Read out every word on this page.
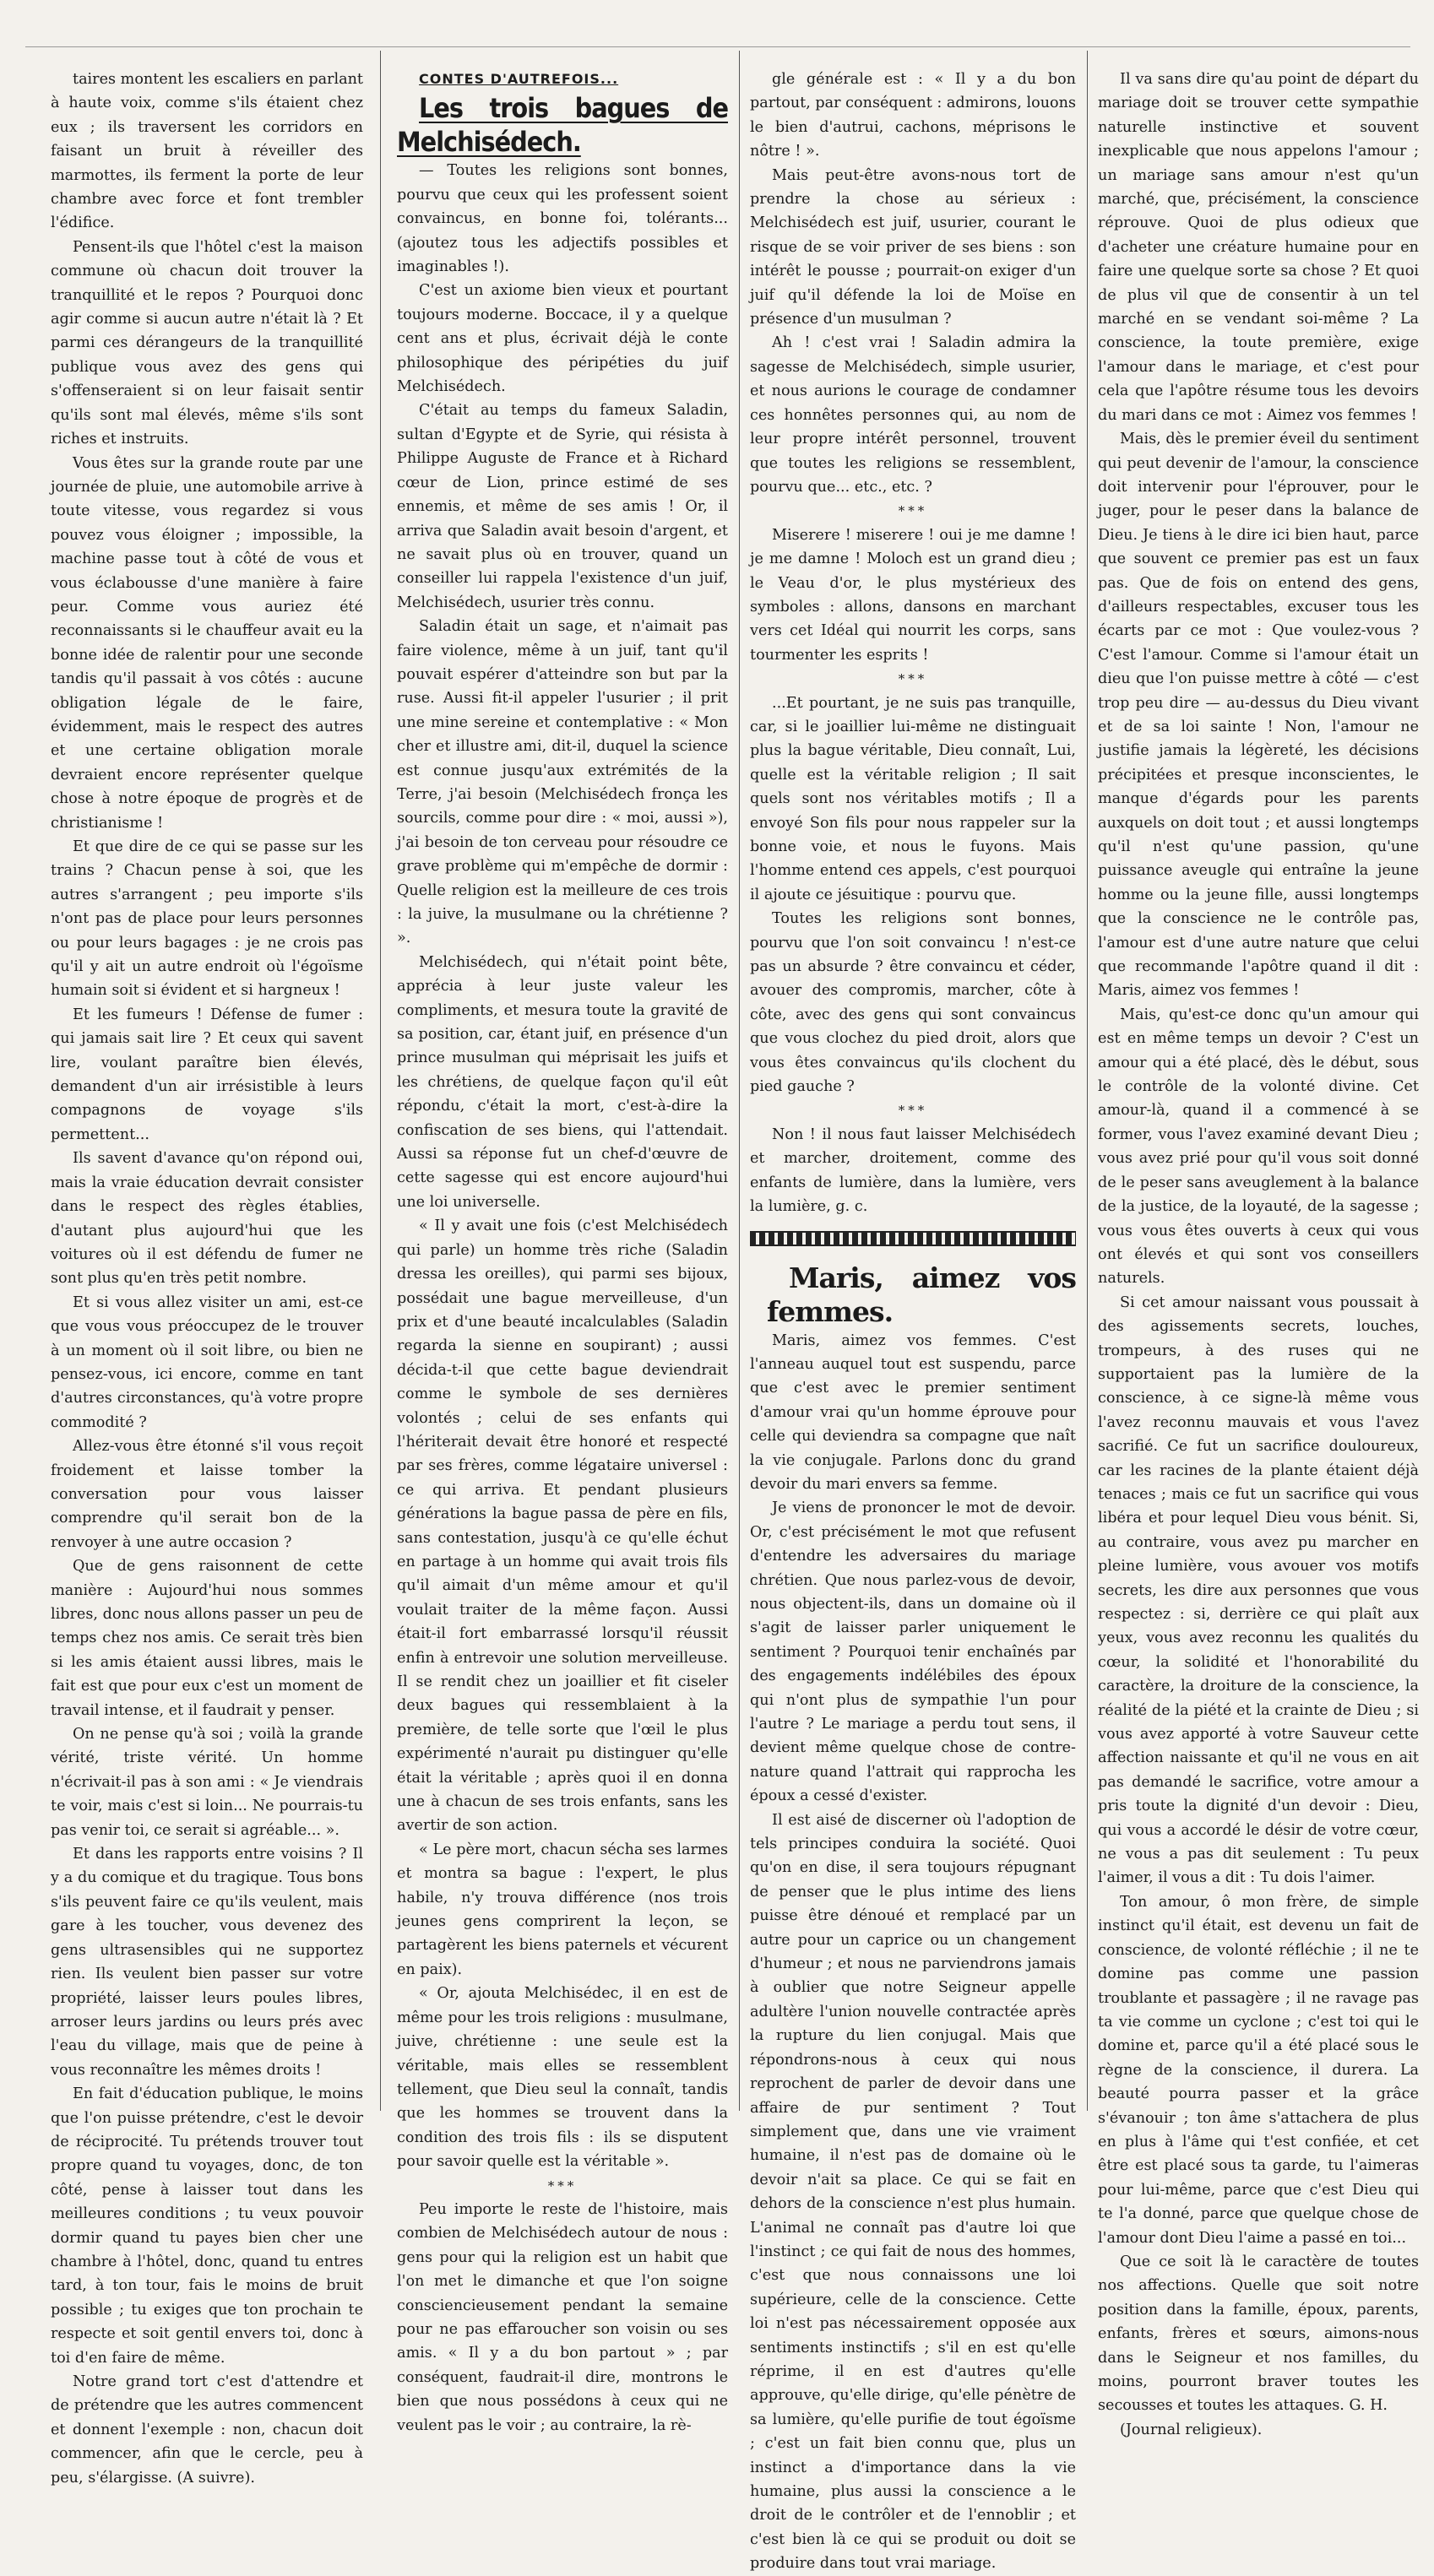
taires montent les escaliers en parlant à haute voix, comme s'ils étaient chez eux ; ils traversent les corridors en faisant un bruit à réveiller des marmottes, ils ferment la porte de leur chambre avec force et font trembler l'édifice.

Pensent-ils que l'hôtel c'est la maison commune où chacun doit trouver la tranquillité et le repos ? Pourquoi donc agir comme si aucun autre n'était là ? Et parmi ces dérangeurs de la tranquillité publique vous avez des gens qui s'offenseraient si on leur faisait sentir qu'ils sont mal élevés, même s'ils sont riches et instruits.

Vous êtes sur la grande route par une journée de pluie, une automobile arrive à toute vitesse, vous regardez si vous pouvez vous éloigner ; impossible, la machine passe tout à côté de vous et vous éclabousse d'une manière à faire peur. Comme vous auriez été reconnaissants si le chauffeur avait eu la bonne idée de ralentir pour une seconde tandis qu'il passait à vos côtés : aucune obligation légale de le faire, évidemment, mais le respect des autres et une certaine obligation morale devraient encore représenter quelque chose à notre époque de progrès et de christianisme !

Et que dire de ce qui se passe sur les trains ? Chacun pense à soi, que les autres s'arrangent ; peu importe s'ils n'ont pas de place pour leurs personnes ou pour leurs bagages : je ne crois pas qu'il y ait un autre endroit où l'égoïsme humain soit si évident et si hargneux !

Et les fumeurs ! Défense de fumer : qui jamais sait lire ? Et ceux qui savent lire, voulant paraître bien élevés, demandent d'un air irrésistible à leurs compagnons de voyage s'ils permettent...

Ils savent d'avance qu'on répond oui, mais la vraie éducation devrait consister dans le respect des règles établies, d'autant plus aujourd'hui que les voitures où il est défendu de fumer ne sont plus qu'en très petit nombre.

Et si vous allez visiter un ami, est-ce que vous vous préoccupez de le trouver à un moment où il soit libre, ou bien ne pensez-vous, ici encore, comme en tant d'autres circonstances, qu'à votre propre commodité ?

Allez-vous être étonné s'il vous reçoit froidement et laisse tomber la conversation pour vous laisser comprendre qu'il serait bon de la renvoyer à une autre occasion ?

Que de gens raisonnent de cette manière : Aujourd'hui nous sommes libres, donc nous allons passer un peu de temps chez nos amis. Ce serait très bien si les amis étaient aussi libres, mais le fait est que pour eux c'est un moment de travail intense, et il faudrait y penser.

On ne pense qu'à soi ; voilà la grande vérité, triste vérité. Un homme n'écrivait-il pas à son ami : « Je viendrais te voir, mais c'est si loin... Ne pourrais-tu pas venir toi, ce serait si agréable... ».

Et dans les rapports entre voisins ? Il y a du comique et du tragique. Tous bons s'ils peuvent faire ce qu'ils veulent, mais gare à les toucher, vous devenez des gens ultrasensibles qui ne supportez rien. Ils veulent bien passer sur votre propriété, laisser leurs poules libres, arroser leurs jardins ou leurs prés avec l'eau du village, mais que de peine à vous reconnaître les mêmes droits !

En fait d'éducation publique, le moins que l'on puisse prétendre, c'est le devoir de réciprocité. Tu prétends trouver tout propre quand tu voyages, donc, de ton côté, pense à laisser tout dans les meilleures conditions ; tu veux pouvoir dormir quand tu payes bien cher une chambre à l'hôtel, donc, quand tu entres tard, à ton tour, fais le moins de bruit possible ; tu exiges que ton prochain te respecte et soit gentil envers toi, donc à toi d'en faire de même.

Notre grand tort c'est d'attendre et de prétendre que les autres commencent et donnent l'exemple : non, chacun doit commencer, afin que le cercle, peu à peu, s'élargisse. (A suivre).

CONTES D'AUTREFOIS...

Les trois bagues de Melchisédech.

— Toutes les religions sont bonnes, pourvu que ceux qui les professent soient convaincus, en bonne foi, tolérants... (ajoutez tous les adjectifs possibles et imaginables !).

C'est un axiome bien vieux et pourtant toujours moderne. Boccace, il y a quelque cent ans et plus, écrivait déjà le conte philosophique des péripéties du juif Melchisédech.

C'était au temps du fameux Saladin, sultan d'Egypte et de Syrie, qui résista à Philippe Auguste de France et à Richard cœur de Lion, prince estimé de ses ennemis, et même de ses amis ! Or, il arriva que Saladin avait besoin d'argent, et ne savait plus où en trouver, quand un conseiller lui rappela l'existence d'un juif, Melchisédech, usurier très connu.

Saladin était un sage, et n'aimait pas faire violence, même à un juif, tant qu'il pouvait espérer d'atteindre son but par la ruse. Aussi fit-il appeler l'usurier ; il prit une mine sereine et contemplative : « Mon cher et illustre ami, dit-il, duquel la science est connue jusqu'aux extrémités de la Terre, j'ai besoin (Melchisédech fronça les sourcils, comme pour dire : « moi, aussi »), j'ai besoin de ton cerveau pour résoudre ce grave problème qui m'empêche de dormir : Quelle religion est la meilleure de ces trois : la juive, la musulmane ou la chrétienne ? ».

Melchisédech, qui n'était point bête, apprécia à leur juste valeur les compliments, et mesura toute la gravité de sa position, car, étant juif, en présence d'un prince musulman qui méprisait les juifs et les chrétiens, de quelque façon qu'il eût répondu, c'était la mort, c'est-à-dire la confiscation de ses biens, qui l'attendait. Aussi sa réponse fut un chef-d'œuvre de cette sagesse qui est encore aujourd'hui une loi universelle.

« Il y avait une fois (c'est Melchisédech qui parle) un homme très riche (Saladin dressa les oreilles), qui parmi ses bijoux, possédait une bague merveilleuse, d'un prix et d'une beauté incalculables (Saladin regarda la sienne en soupirant) ; aussi décida-t-il que cette bague deviendrait comme le symbole de ses dernières volontés ; celui de ses enfants qui l'hériterait devait être honoré et respecté par ses frères, comme légataire universel : ce qui arriva. Et pendant plusieurs générations la bague passa de père en fils, sans contestation, jusqu'à ce qu'elle échut en partage à un homme qui avait trois fils qu'il aimait d'un même amour et qu'il voulait traiter de la même façon. Aussi était-il fort embarrassé lorsqu'il réussit enfin à entrevoir une solution merveilleuse. Il se rendit chez un joaillier et fit ciseler deux bagues qui ressemblaient à la première, de telle sorte que l'œil le plus expérimenté n'aurait pu distinguer qu'elle était la véritable ; après quoi il en donna une à chacun de ses trois enfants, sans les avertir de son action.

« Le père mort, chacun sécha ses larmes et montra sa bague : l'expert, le plus habile, n'y trouva différence (nos trois jeunes gens comprirent la leçon, se partagèrent les biens paternels et vécurent en paix).

« Or, ajouta Melchisédec, il en est de même pour les trois religions : musulmane, juive, chrétienne : une seule est la véritable, mais elles se ressemblent tellement, que Dieu seul la connaît, tandis que les hommes se trouvent dans la condition des trois fils : ils se disputent pour savoir quelle est la véritable ».

***

Peu importe le reste de l'histoire, mais combien de Melchisédech autour de nous : gens pour qui la religion est un habit que l'on met le dimanche et que l'on soigne consciencieusement pendant la semaine pour ne pas effaroucher son voisin ou ses amis. « Il y a du bon partout » ; par conséquent, faudrait-il dire, montrons le bien que nous possédons à ceux qui ne veulent pas le voir ; au contraire, la rè-

gle générale est : « Il y a du bon partout, par conséquent : admirons, louons le bien d'autrui, cachons, méprisons le nôtre ! ».

Mais peut-être avons-nous tort de prendre la chose au sérieux : Melchisédech est juif, usurier, courant le risque de se voir priver de ses biens : son intérêt le pousse ; pourrait-on exiger d'un juif qu'il défende la loi de Moïse en présence d'un musulman ?

Ah ! c'est vrai ! Saladin admira la sagesse de Melchisédech, simple usurier, et nous aurions le courage de condamner ces honnêtes personnes qui, au nom de leur propre intérêt personnel, trouvent que toutes les religions se ressemblent, pourvu que... etc., etc. ?

***

Miserere ! miserere ! oui je me damne ! je me damne ! Moloch est un grand dieu ; le Veau d'or, le plus mystérieux des symboles : allons, dansons en marchant vers cet Idéal qui nourrit les corps, sans tourmenter les esprits !

***

...Et pourtant, je ne suis pas tranquille, car, si le joaillier lui-même ne distinguait plus la bague véritable, Dieu connaît, Lui, quelle est la véritable religion ; Il sait quels sont nos véritables motifs ; Il a envoyé Son fils pour nous rappeler sur la bonne voie, et nous le fuyons. Mais l'homme entend ces appels, c'est pourquoi il ajoute ce jésuitique : pourvu que.

Toutes les religions sont bonnes, pourvu que l'on soit convaincu ! n'est-ce pas un absurde ? être convaincu et céder, avouer des compromis, marcher, côte à côte, avec des gens qui sont convaincus que vous clochez du pied droit, alors que vous êtes convaincus qu'ils clochent du pied gauche ?

***

Non ! il nous faut laisser Melchisédech et marcher, droitement, comme des enfants de lumière, dans la lumière, vers la lumière, g. c.

Maris, aimez vos femmes.

Maris, aimez vos femmes. C'est l'anneau auquel tout est suspendu, parce que c'est avec le premier sentiment d'amour vrai qu'un homme éprouve pour celle qui deviendra sa compagne que naît la vie conjugale. Parlons donc du grand devoir du mari envers sa femme.

Je viens de prononcer le mot de devoir. Or, c'est précisément le mot que refusent d'entendre les adversaires du mariage chrétien. Que nous parlez-vous de devoir, nous objectent-ils, dans un domaine où il s'agit de laisser parler uniquement le sentiment ? Pourquoi tenir enchaînés par des engagements indélébiles des époux qui n'ont plus de sympathie l'un pour l'autre ? Le mariage a perdu tout sens, il devient même quelque chose de contre-nature quand l'attrait qui rapprocha les époux a cessé d'exister.

Il est aisé de discerner où l'adoption de tels principes conduira la société. Quoi qu'on en dise, il sera toujours répugnant de penser que le plus intime des liens puisse être dénoué et remplacé par un autre pour un caprice ou un changement d'humeur ; et nous ne parviendrons jamais à oublier que notre Seigneur appelle adultère l'union nouvelle contractée après la rupture du lien conjugal. Mais que répondrons-nous à ceux qui nous reprochent de parler de devoir dans une affaire de pur sentiment ? Tout simplement que, dans une vie vraiment humaine, il n'est pas de domaine où le devoir n'ait sa place. Ce qui se fait en dehors de la conscience n'est plus humain. L'animal ne connaît pas d'autre loi que l'instinct ; ce qui fait de nous des hommes, c'est que nous connaissons une loi supérieure, celle de la conscience. Cette loi n'est pas nécessairement opposée aux sentiments instinctifs ; s'il en est qu'elle réprime, il en est d'autres qu'elle approuve, qu'elle dirige, qu'elle pénètre de sa lumière, qu'elle purifie de tout égoïsme ; c'est un fait bien connu que, plus un instinct a d'importance dans la vie humaine, plus aussi la conscience a le droit de le contrôler et de l'ennoblir ; et c'est bien là ce qui se produit ou doit se produire dans tout vrai mariage.

Il va sans dire qu'au point de départ du mariage doit se trouver cette sympathie naturelle instinctive et souvent inexplicable que nous appelons l'amour ; un mariage sans amour n'est qu'un marché, que, précisément, la conscience réprouve. Quoi de plus odieux que d'acheter une créature humaine pour en faire une quelque sorte sa chose ? Et quoi de plus vil que de consentir à un tel marché en se vendant soi-même ? La conscience, la toute première, exige l'amour dans le mariage, et c'est pour cela que l'apôtre résume tous les devoirs du mari dans ce mot : Aimez vos femmes !

Mais, dès le premier éveil du sentiment qui peut devenir de l'amour, la conscience doit intervenir pour l'éprouver, pour le juger, pour le peser dans la balance de Dieu. Je tiens à le dire ici bien haut, parce que souvent ce premier pas est un faux pas. Que de fois on entend des gens, d'ailleurs respectables, excuser tous les écarts par ce mot : Que voulez-vous ? C'est l'amour. Comme si l'amour était un dieu que l'on puisse mettre à côté — c'est trop peu dire — au-dessus du Dieu vivant et de sa loi sainte ! Non, l'amour ne justifie jamais la légèreté, les décisions précipitées et presque inconscientes, le manque d'égards pour les parents auxquels on doit tout ; et aussi longtemps qu'il n'est qu'une passion, qu'une puissance aveugle qui entraîne la jeune homme ou la jeune fille, aussi longtemps que la conscience ne le contrôle pas, l'amour est d'une autre nature que celui que recommande l'apôtre quand il dit : Maris, aimez vos femmes !

Mais, qu'est-ce donc qu'un amour qui est en même temps un devoir ? C'est un amour qui a été placé, dès le début, sous le contrôle de la volonté divine. Cet amour-là, quand il a commencé à se former, vous l'avez examiné devant Dieu ; vous avez prié pour qu'il vous soit donné de le peser sans aveuglement à la balance de la justice, de la loyauté, de la sagesse ; vous vous êtes ouverts à ceux qui vous ont élevés et qui sont vos conseillers naturels.

Si cet amour naissant vous poussait à des agissements secrets, louches, trompeurs, à des ruses qui ne supportaient pas la lumière de la conscience, à ce signe-là même vous l'avez reconnu mauvais et vous l'avez sacrifié. Ce fut un sacrifice douloureux, car les racines de la plante étaient déjà tenaces ; mais ce fut un sacrifice qui vous libéra et pour lequel Dieu vous bénit. Si, au contraire, vous avez pu marcher en pleine lumière, vous avouer vos motifs secrets, les dire aux personnes que vous respectez : si, derrière ce qui plaît aux yeux, vous avez reconnu les qualités du cœur, la solidité et l'honorabilité du caractère, la droiture de la conscience, la réalité de la piété et la crainte de Dieu ; si vous avez apporté à votre Sauveur cette affection naissante et qu'il ne vous en ait pas demandé le sacrifice, votre amour a pris toute la dignité d'un devoir : Dieu, qui vous a accordé le désir de votre cœur, ne vous a pas dit seulement : Tu peux l'aimer, il vous a dit : Tu dois l'aimer.

Ton amour, ô mon frère, de simple instinct qu'il était, est devenu un fait de conscience, de volonté réfléchie ; il ne te domine pas comme une passion troublante et passagère ; il ne ravage pas ta vie comme un cyclone ; c'est toi qui le domine et, parce qu'il a été placé sous le règne de la conscience, il durera. La beauté pourra passer et la grâce s'évanouir ; ton âme s'attachera de plus en plus à l'âme qui t'est confiée, et cet être est placé sous ta garde, tu l'aimeras pour lui-même, parce que c'est Dieu qui te l'a donné, parce que quelque chose de l'amour dont Dieu l'aime a passé en toi...

Que ce soit là le caractère de toutes nos affections. Quelle que soit notre position dans la famille, époux, parents, enfants, frères et sœurs, aimons-nous dans le Seigneur et nos familles, du moins, pourront braver toutes les secousses et toutes les attaques. G. H.

(Journal religieux).
